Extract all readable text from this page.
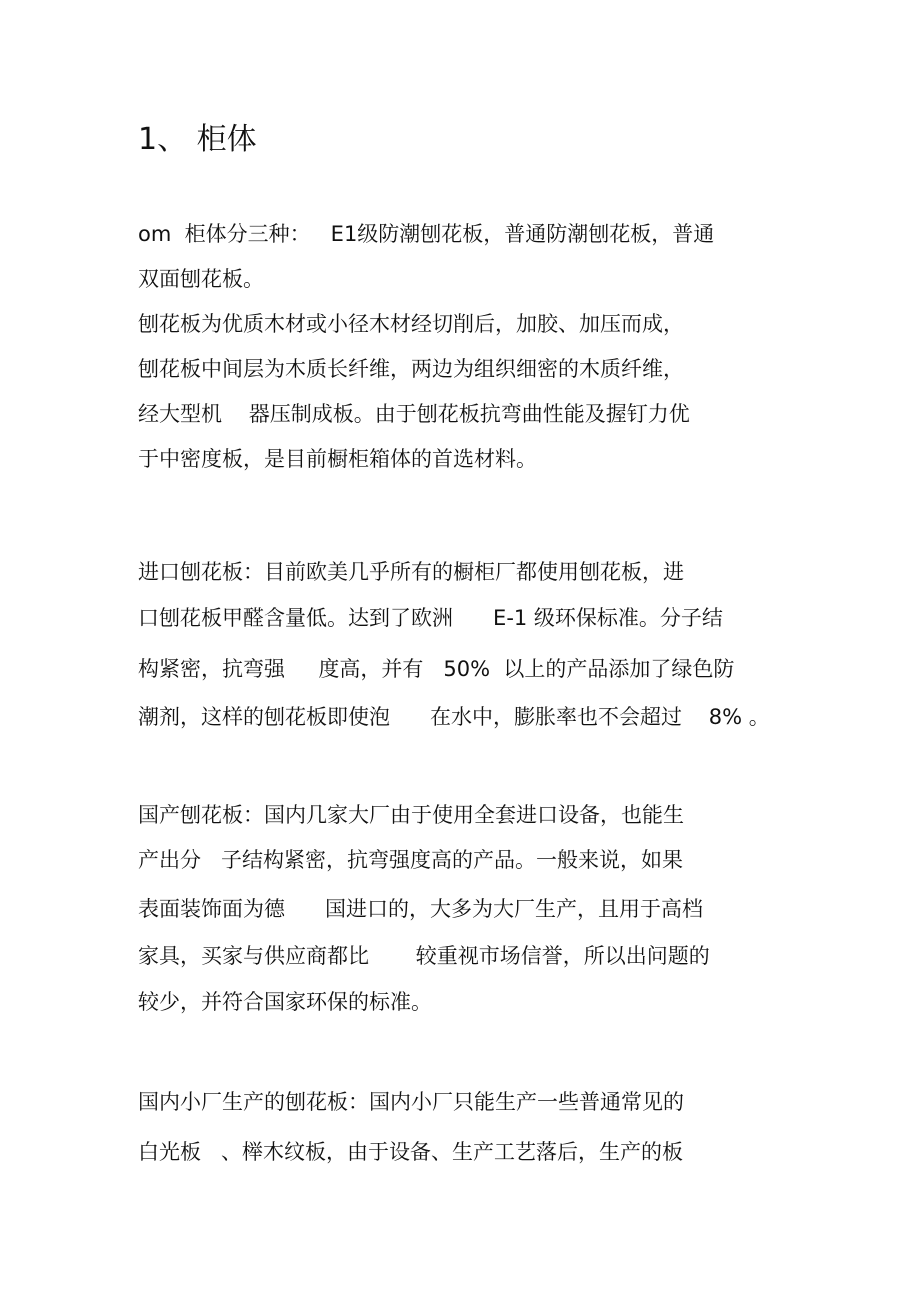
1、 柜体
om  柜体分三种：   E1级防潮刨花板，普通防潮刨花板，普通
双面刨花板。
刨花板为优质木材或小径木材经切削后，加胶、加压而成，
刨花板中间层为木质长纤维，两边为组织细密的木质纤维，
经大型机    器压制成板。由于刨花板抗弯曲性能及握钉力优
于中密度板，是目前橱柜箱体的首选材料。
进口刨花板：目前欧美几乎所有的橱柜厂都使用刨花板，进
口刨花板甲醛含量低。达到了欧洲      E-1 级环保标准。分子结
构紧密，抗弯强     度高，并有   50%  以上的产品添加了绿色防
潮剂，这样的刨花板即使泡      在水中，膨胀率也不会超过    8% 。
国产刨花板：国内几家大厂由于使用全套进口设备，也能生
产出分   子结构紧密，抗弯强度高的产品。一般来说，如果
表面装饰面为德      国进口的，大多为大厂生产，且用于高档
家具，买家与供应商都比       较重视市场信誉，所以出问题的
较少，并符合国家环保的标准。
国内小厂生产的刨花板：国内小厂只能生产一些普通常见的
白光板   、榉木纹板，由于设备、生产工艺落后，生产的板
